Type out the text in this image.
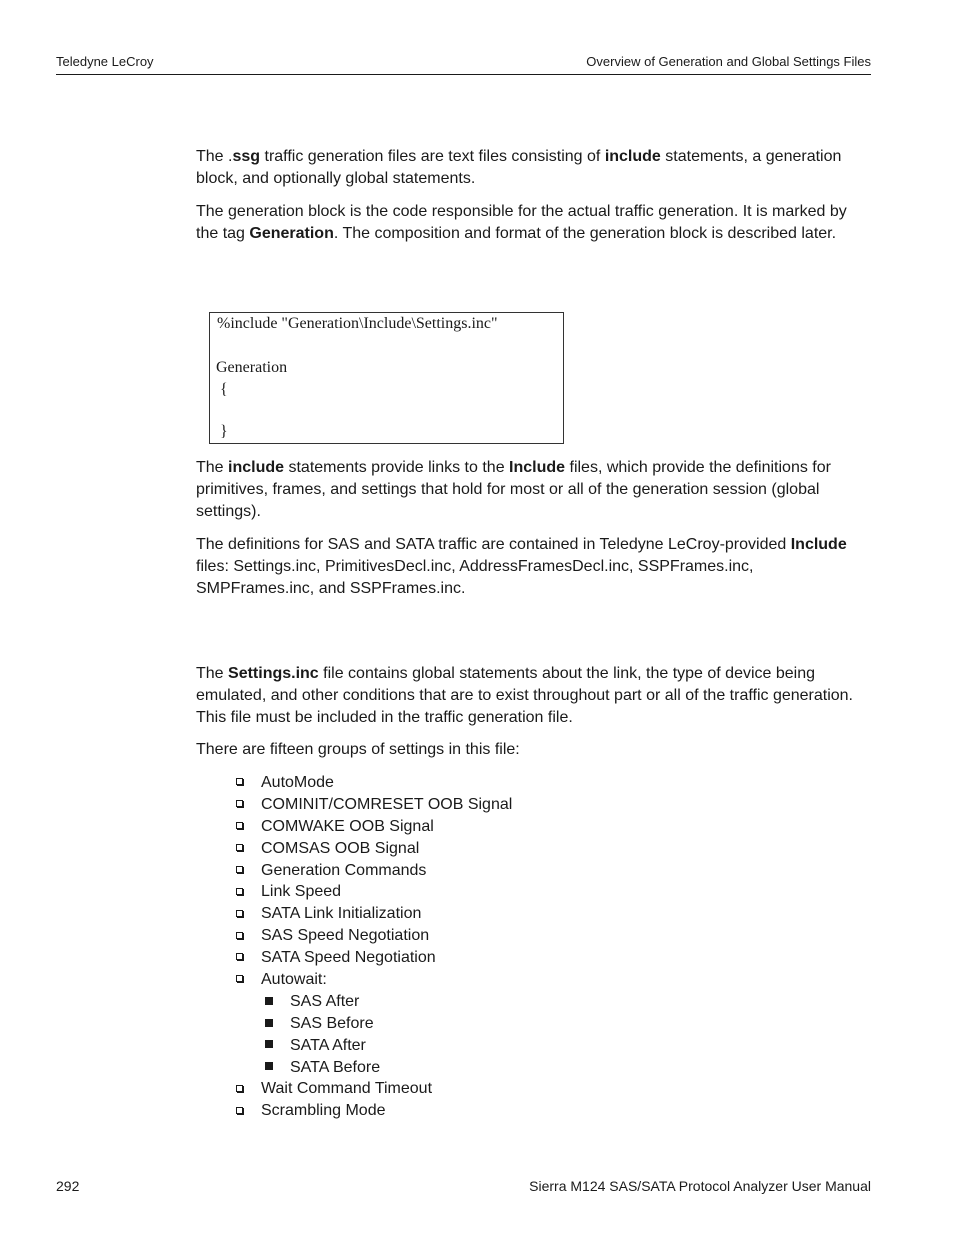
Teledyne LeCroy	Overview of Generation and Global Settings Files

The .ssg traffic generation files are text files consisting of include statements, a generation block, and optionally global statements.

The generation block is the code responsible for the actual traffic generation. It is marked by the tag Generation. The composition and format of the generation block is described later.

%include "Generation\Include\Settings.inc"
Generation
{
}

The include statements provide links to the Include files, which provide the definitions for primitives, frames, and settings that hold for most or all of the generation session (global settings).

The definitions for SAS and SATA traffic are contained in Teledyne LeCroy-provided Include files: Settings.inc, PrimitivesDecl.inc, AddressFramesDecl.inc, SSPFrames.inc, SMPFrames.inc, and SSPFrames.inc.

The Settings.inc file contains global statements about the link, the type of device being emulated, and other conditions that are to exist throughout part or all of the traffic generation. This file must be included in the traffic generation file.

There are fifteen groups of settings in this file:

AutoMode
COMINIT/COMRESET OOB Signal
COMWAKE OOB Signal
COMSAS OOB Signal
Generation Commands
Link Speed
SATA Link Initialization
SAS Speed Negotiation
SATA Speed Negotiation
Autowait:
SAS After
SAS Before
SATA After
SATA Before
Wait Command Timeout
Scrambling Mode
292	Sierra M124 SAS/SATA Protocol Analyzer User Manual
